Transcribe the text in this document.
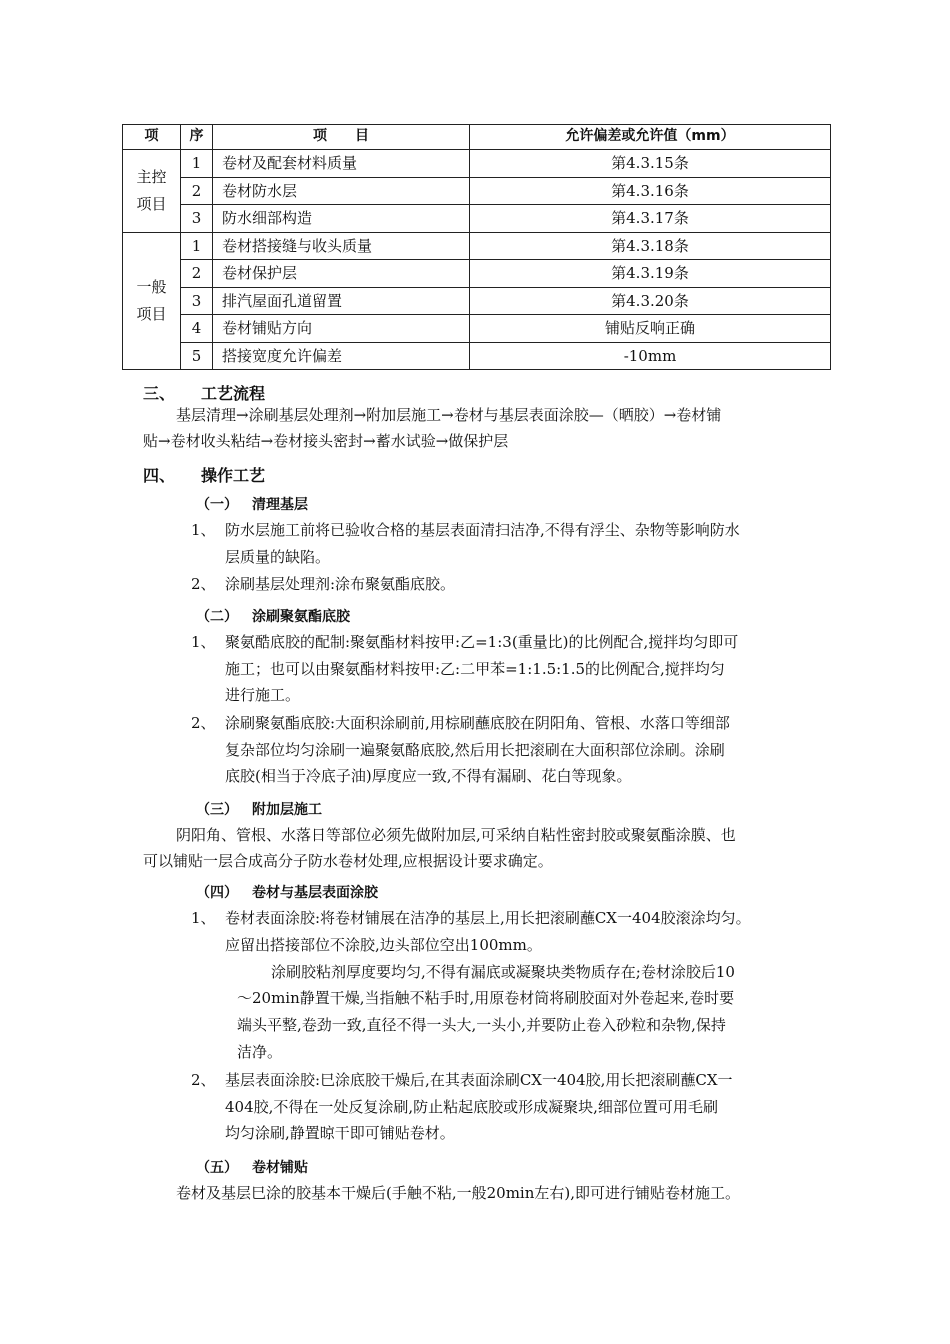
项	序	项　　目	允许偏差或允许值（mm）
主控项目	1	卷材及配套材料质量	第4.3.15条
	2	卷材防水层	第4.3.16条
	3	防水细部构造	第4.3.17条
一般项目	1	卷材搭接缝与收头质量	第4.3.18条
	2	卷材保护层	第4.3.19条
	3	排汽屋面孔道留置	第4.3.20条
	4	卷材铺贴方向	铺贴反响正确
	5	搭接宽度允许偏差	-10mm
三、 工艺流程
基层清理→涂刷基层处理剂→附加层施工→卷材与基层表面涂胶—（晒胶）→卷材铺
贴→卷材收头粘结→卷材接头密封→蓄水试验→做保护层
四、 操作工艺
（一） 清理基层
1、 防水层施工前将已验收合格的基层表面清扫洁净,不得有浮尘、杂物等影响防水
层质量的缺陷。
2、 涂刷基层处理剂:涂布聚氨酯底胶。
（二） 涂刷聚氨酯底胶
1、 聚氨酷底胶的配制:聚氨酯材料按甲:乙=1:3(重量比)的比例配合,搅拌均匀即可
施工；也可以由聚氨酯材料按甲:乙:二甲苯=1:1.5:1.5的比例配合,搅拌均匀
进行施工。
2、 涂刷聚氨酯底胶:大面积涂刷前,用棕刷蘸底胶在阴阳角、管根、水落口等细部
复杂部位均匀涂刷一遍聚氨酪底胶,然后用长把滚刷在大面积部位涂刷。涂刷
底胶(相当于冷底子油)厚度应一致,不得有漏刷、花白等现象。
（三） 附加层施工
阴阳角、管根、水落日等部位必须先做附加层,可采纳自粘性密封胶或聚氨酯涂膜、也
可以铺贴一层合成高分子防水卷材处理,应根据设计要求确定。
（四） 卷材与基层表面涂胶
1、 卷材表面涂胶:将卷材铺展在洁净的基层上,用长把滚刷蘸CX一404胶滚涂均匀。
应留出搭接部位不涂胶,边头部位空出100mm。
涂刷胶粘剂厚度要均匀,不得有漏底或凝聚块类物质存在;卷材涂胶后10
～20min静置干燥,当指触不粘手时,用原卷材筒将刷胶面对外卷起来,卷时要
端头平整,卷劲一致,直径不得一头大,一头小,并要防止卷入砂粒和杂物,保持
洁净。
2、 基层表面涂胶:巳涂底胶干燥后,在其表面涂刷CX一404胶,用长把滚刷蘸CX一
404胶,不得在一处反复涂刷,防止粘起底胶或形成凝聚块,细部位置可用毛刷
均匀涂刷,静置晾干即可铺贴卷材。
（五） 卷材铺贴
卷材及基层巳涂的胶基本干燥后(手触不粘,一般20min左右),即可进行铺贴卷材施工。
